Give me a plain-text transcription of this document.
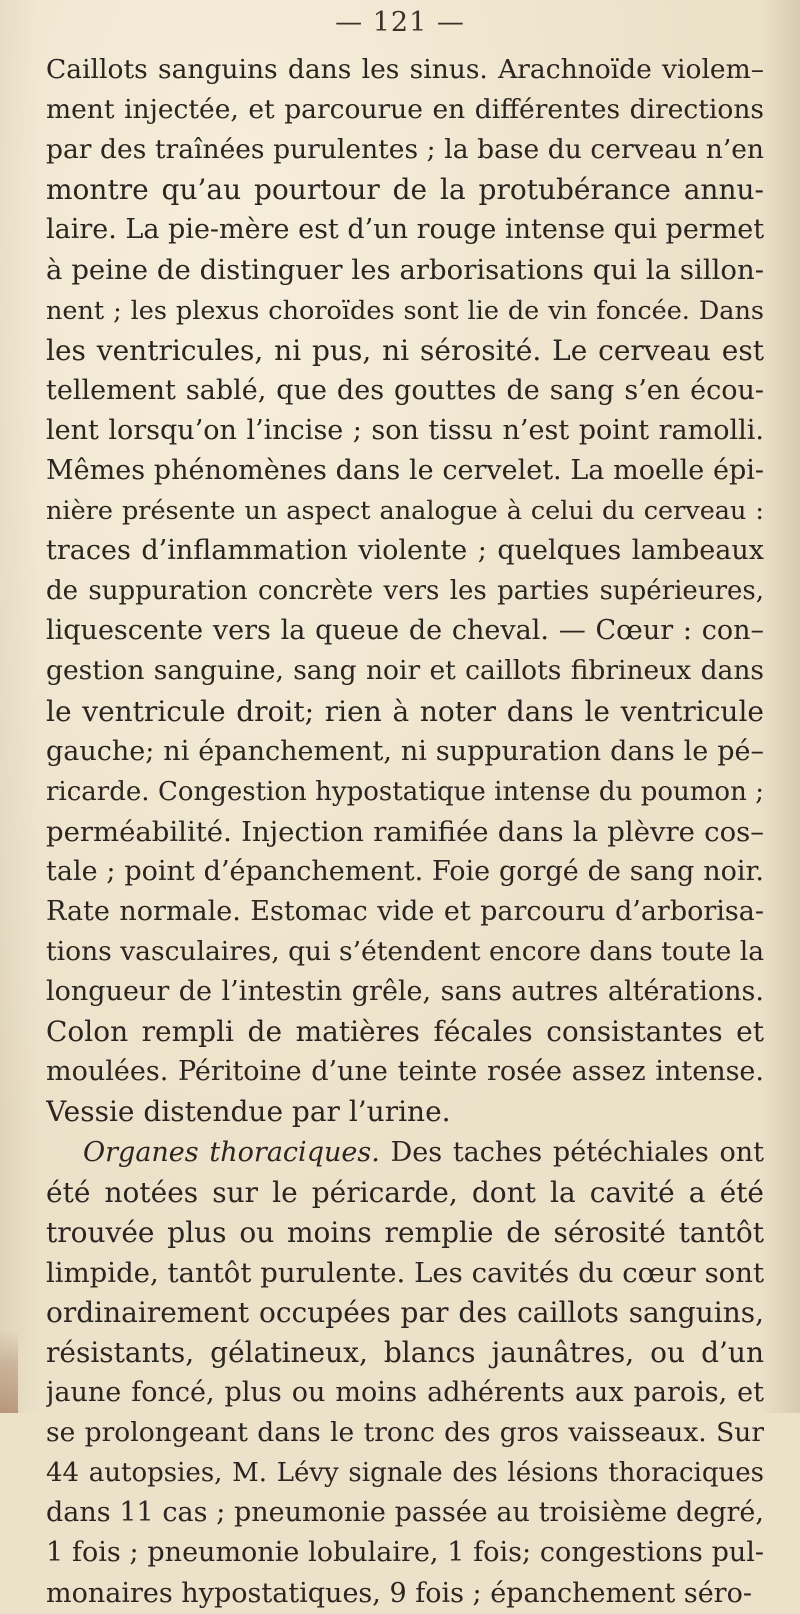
— 121 —
Caillots sanguins dans les sinus. Arachnoïde violem–
ment injectée, et parcourue en différentes directions
par des traînées purulentes ; la base du cerveau n’en
montre qu’au pourtour de la protubérance annu-
laire. La pie-mère est d’un rouge intense qui permet
à peine de distinguer les arborisations qui la sillon-
nent ; les plexus choroïdes sont lie de vin foncée. Dans
les ventricules, ni pus, ni sérosité. Le cerveau est
tellement sablé, que des gouttes de sang s’en écou-
lent lorsqu’on l’incise ; son tissu n’est point ramolli.
Mêmes phénomènes dans le cervelet. La moelle épi-
nière présente un aspect analogue à celui du cerveau :
traces d’inflammation violente ; quelques lambeaux
de suppuration concrète vers les parties supérieures,
liquescente vers la queue de cheval. — Cœur : con–
gestion sanguine, sang noir et caillots fibrineux dans
le ventricule droit; rien à noter dans le ventricule
gauche; ni épanchement, ni suppuration dans le pé–
ricarde. Congestion hypostatique intense du poumon ;
perméabilité. Injection ramifiée dans la plèvre cos–
tale ; point d’épanchement. Foie gorgé de sang noir.
Rate normale. Estomac vide et parcouru d’arborisa-
tions vasculaires, qui s’étendent encore dans toute la
longueur de l’intestin grêle, sans autres altérations.
Colon rempli de matières fécales consistantes et
moulées. Péritoine d’une teinte rosée assez intense.
Vessie distendue par l’urine.
Organes thoraciques. Des taches pétéchiales ont
été notées sur le péricarde, dont la cavité a été
trouvée plus ou moins remplie de sérosité tantôt
limpide, tantôt purulente. Les cavités du cœur sont
ordinairement occupées par des caillots sanguins,
résistants, gélatineux, blancs jaunâtres, ou d’un
jaune foncé, plus ou moins adhérents aux parois, et
se prolongeant dans le tronc des gros vaisseaux. Sur
44 autopsies, M. Lévy signale des lésions thoraciques
dans 11 cas ; pneumonie passée au troisième degré,
1 fois ; pneumonie lobulaire, 1 fois; congestions pul-
monaires hypostatiques, 9 fois ; épanchement séro-
